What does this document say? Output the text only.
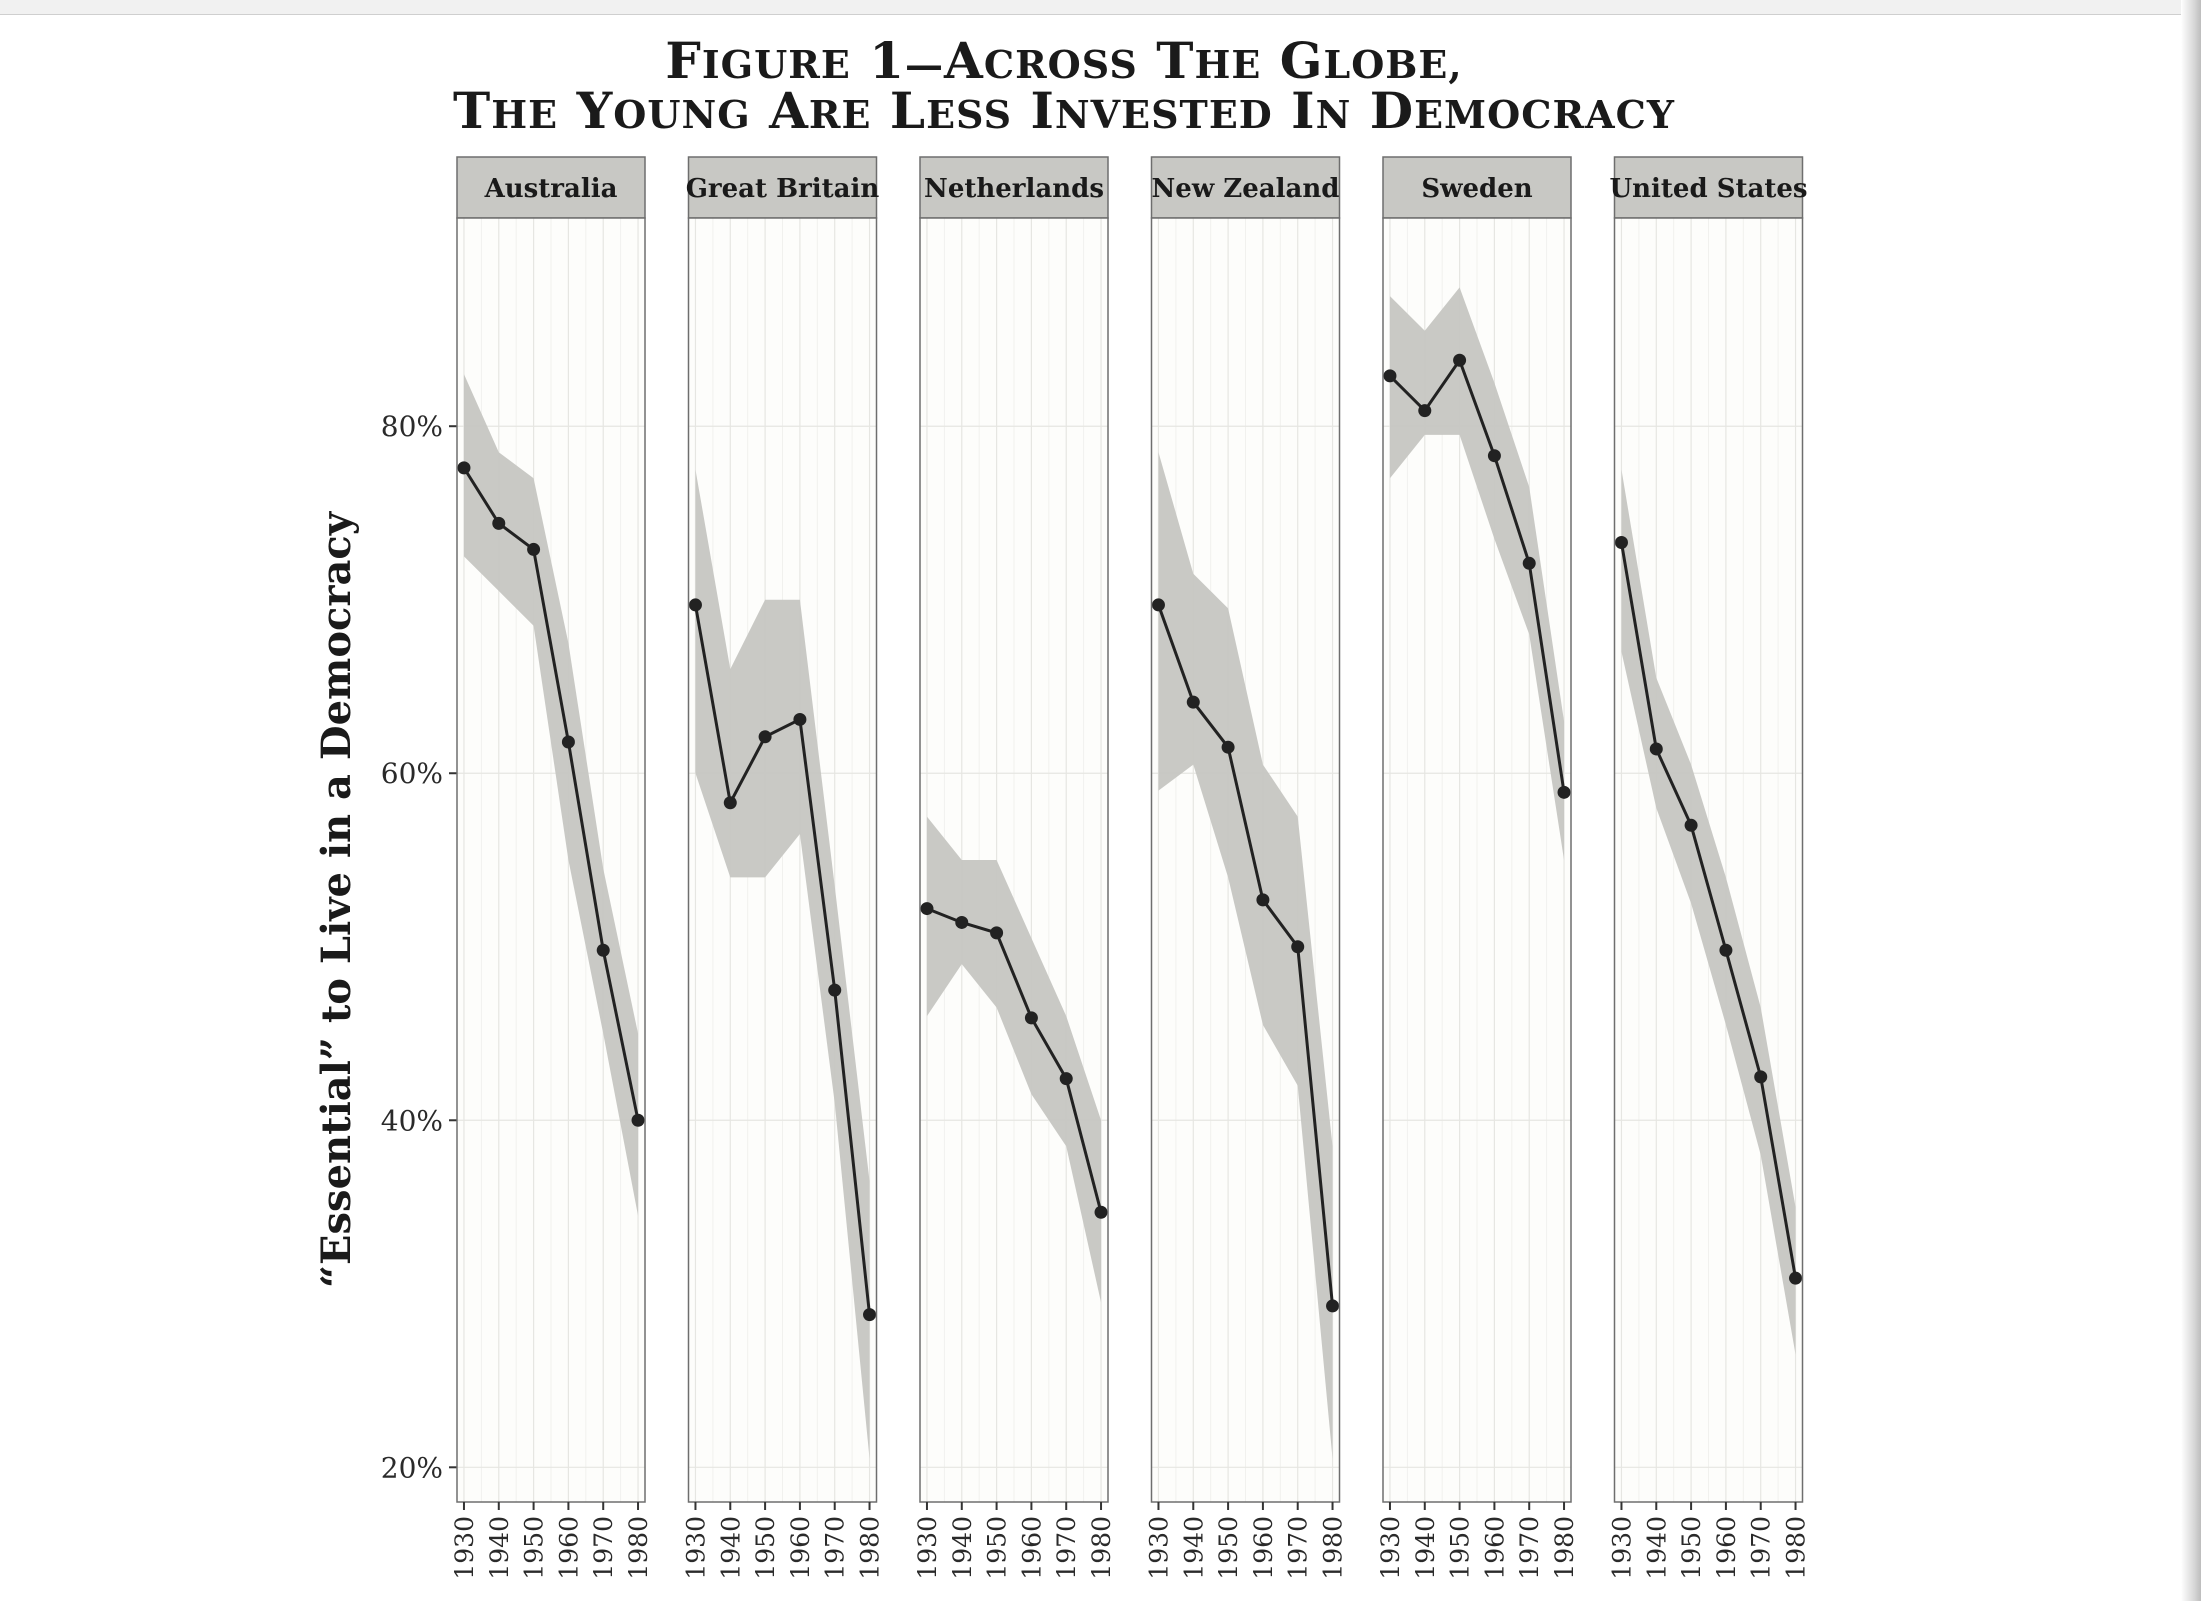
FIGURE 1—ACROSS THE GLOBE,
THE YOUNG ARE LESS INVESTED IN DEMOCRACY
“Essential” to Live in a Democracy
20%
40%
60%
80%
Australia
1930 1940 1950 1960 1970 1980
Great Britain
1930 1940 1950 1960 1970 1980
Netherlands
1930 1940 1950 1960 1970 1980
New Zealand
1930 1940 1950 1960 1970 1980
Sweden
1930 1940 1950 1960 1970 1980
United States
1930 1940 1950 1960 1970 1980
